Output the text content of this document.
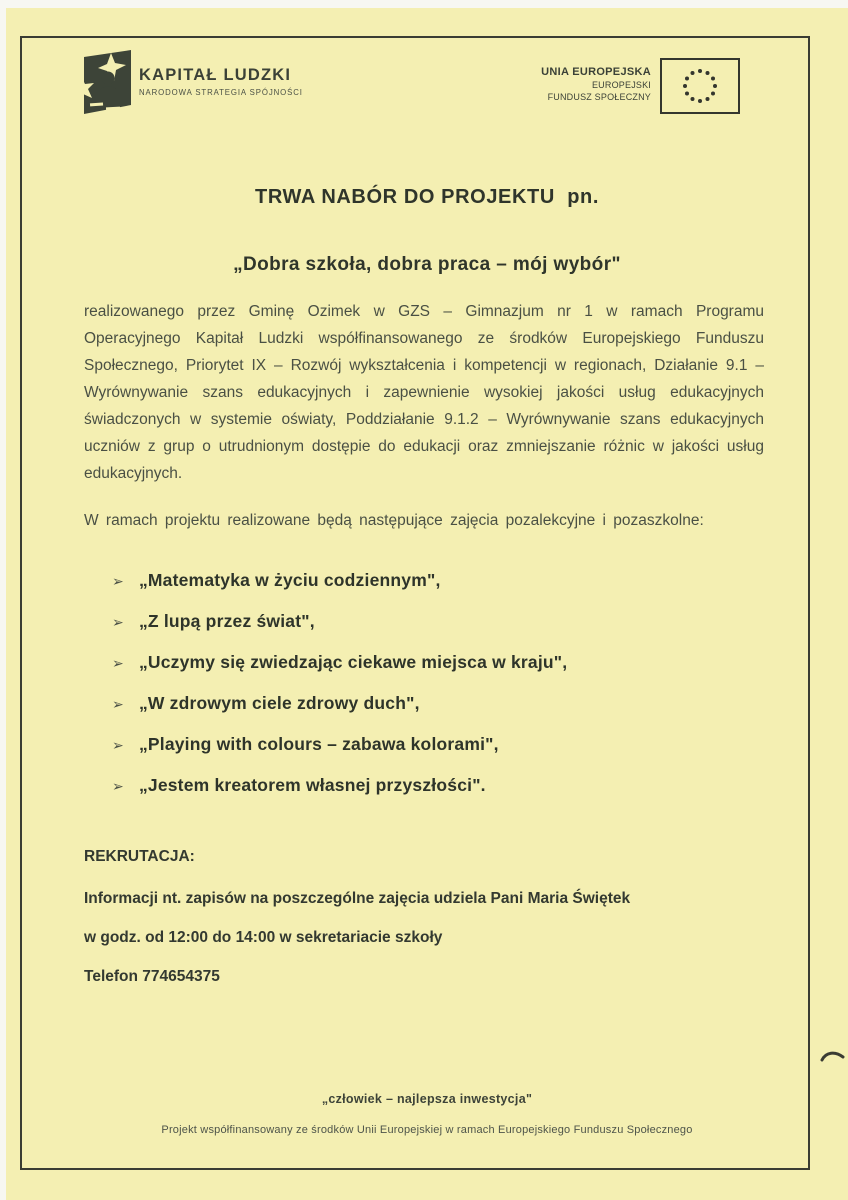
KAPITAŁ LUDZKI
NARODOWA STRATEGIA SPÓJNOŚCI
UNIA EUROPEJSKA
EUROPEJSKI
FUNDUSZ SPOŁECZNY
TRWA NABÓR DO PROJEKTU  pn.
„Dobra szkoła, dobra praca – mój wybór"
realizowanego przez Gminę Ozimek w GZS – Gimnazjum nr 1 w ramach Programu Operacyjnego Kapitał Ludzki współfinansowanego ze środków Europejskiego Funduszu Społecznego, Priorytet IX – Rozwój wykształcenia i kompetencji w regionach, Działanie 9.1 – Wyrównywanie szans edukacyjnych i zapewnienie wysokiej jakości usług edukacyjnych świadczonych w systemie oświaty, Poddziałanie 9.1.2 – Wyrównywanie szans edukacyjnych uczniów z grup o utrudnionym dostępie do edukacji oraz zmniejszanie różnic w jakości usług edukacyjnych.
W ramach projektu realizowane będą następujące zajęcia pozalekcyjne i pozaszkolne:
➢ „Matematyka w życiu codziennym",
➢ „Z lupą przez świat",
➢ „Uczymy się zwiedzając ciekawe miejsca w kraju",
➢ „W zdrowym ciele zdrowy duch",
➢ „Playing with colours – zabawa kolorami",
➢ „Jestem kreatorem własnej przyszłości".
REKRUTACJA:
Informacji nt. zapisów na poszczególne zajęcia udziela Pani Maria Świętek
w godz. od 12:00 do 14:00 w sekretariacie szkoły
Telefon 774654375
„człowiek – najlepsza inwestycja"
Projekt współfinansowany ze środków Unii Europejskiej w ramach Europejskiego Funduszu Społecznego
